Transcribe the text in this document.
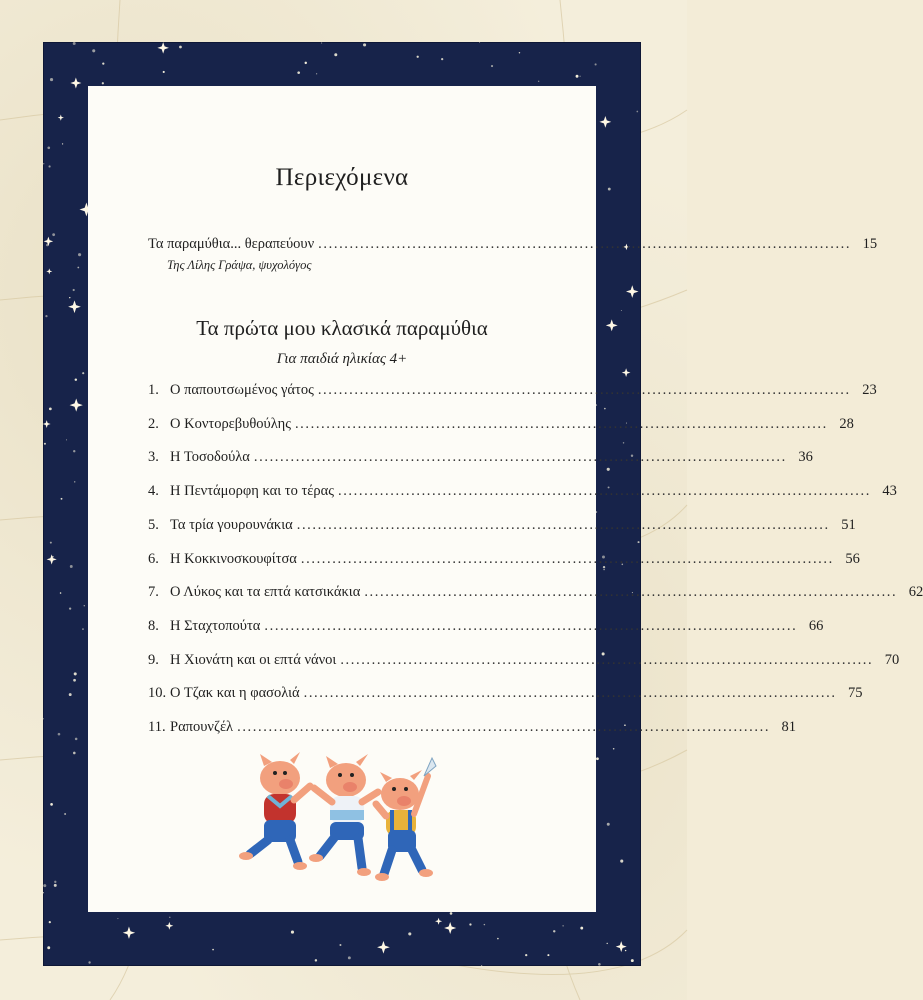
Περιεχόμενα
Τα παραμύθια... θεραπεύουν ...................................................................................................... 15
Της Λίλης Γράψα, ψυχολόγος
Τα πρώτα μου κλασικά παραμύθια
Για παιδιά ηλικίας 4+
1. Ο παπουτσωμένος γάτος ...................................................................................................... 23
2. Ο Κοντορεβυθούλης ...................................................................................................... 28
3. Η Τοσοδούλα ...................................................................................................... 36
4. Η Πεντάμορφη και το τέρας ...................................................................................................... 43
5. Τα τρία γουρουνάκια ...................................................................................................... 51
6. Η Κοκκινοσκουφίτσα ...................................................................................................... 56
7. Ο Λύκος και τα επτά κατσικάκια ...................................................................................................... 62
8. Η Σταχτοπούτα ...................................................................................................... 66
9. Η Χιονάτη και οι επτά νάνοι ...................................................................................................... 70
10. Ο Τζακ και η φασολιά ...................................................................................................... 75
11. Ραπουνζέλ ...................................................................................................... 81
